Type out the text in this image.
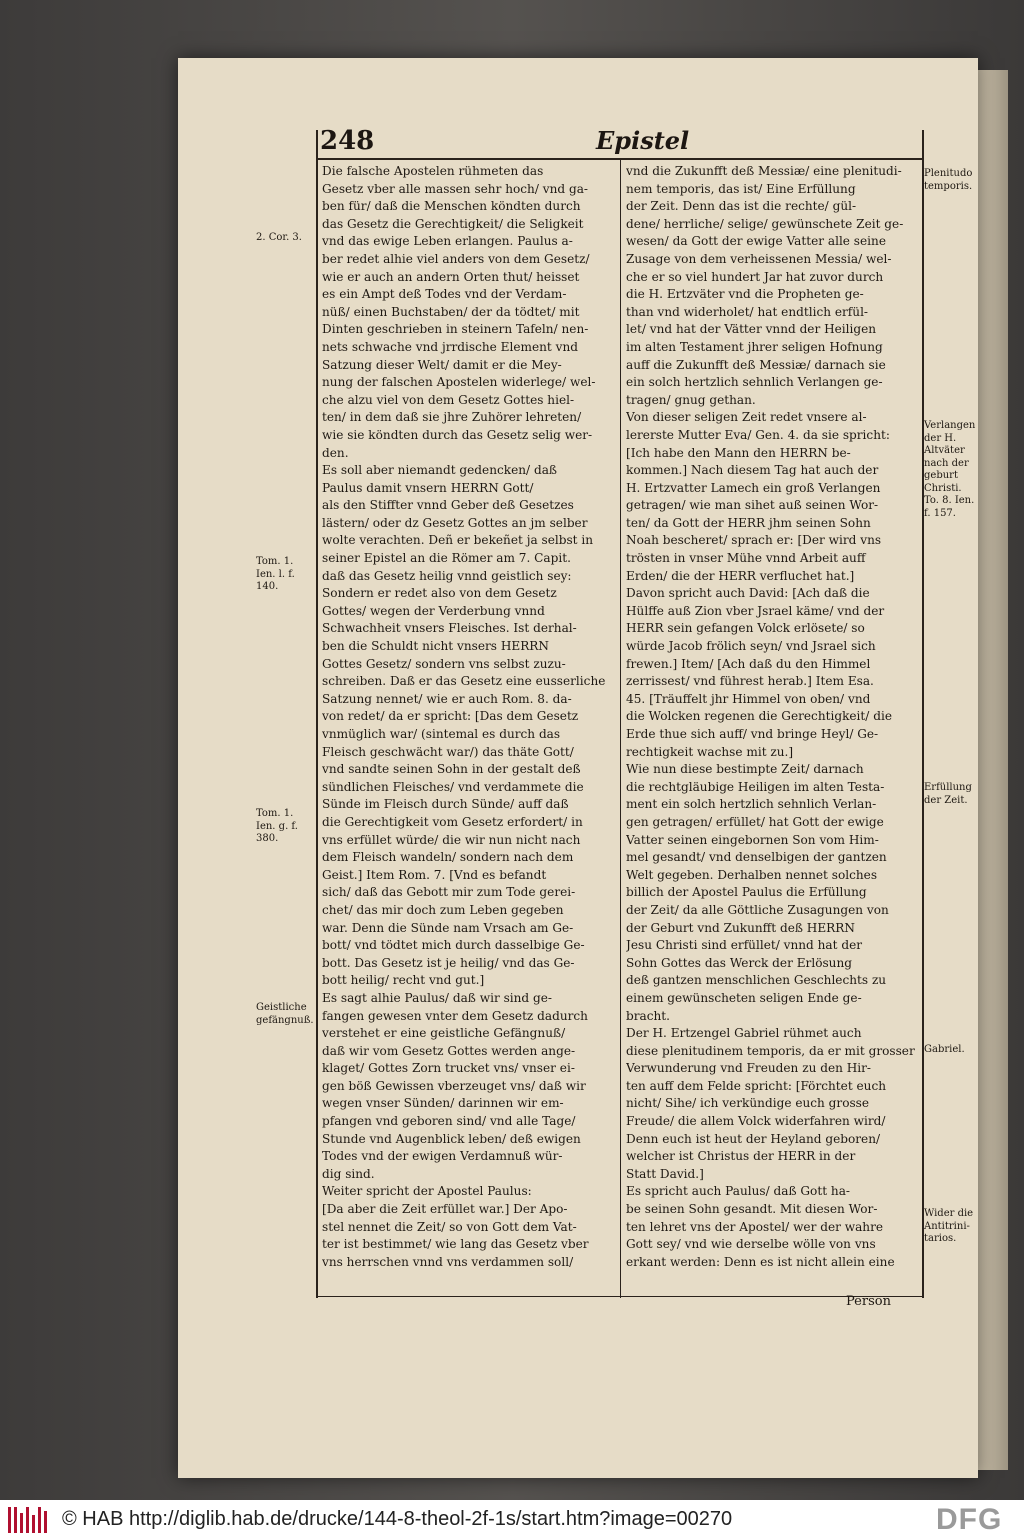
248	Epistel
Die falsche Apostelen rühmeten das
Gesetz vber alle massen sehr hoch/ vnd ga-
ben für/ daß die Menschen köndten durch
das Gesetz die Gerechtigkeit/ die Seligkeit
vnd das ewige Leben erlangen. Paulus a-
ber redet alhie viel anders von dem Gesetz/
wie er auch an andern Orten thut/ heisset
es ein Ampt deß Todes vnd der Verdam-
nüß/ einen Buchstaben/ der da tödtet/ mit
Dinten geschrieben in steinern Tafeln/ nen-
nets schwache vnd jrrdische Element vnd
Satzung dieser Welt/ damit er die Mey-
nung der falschen Apostelen widerlege/ wel-
che alzu viel von dem Gesetz Gottes hiel-
ten/ in dem daß sie jhre Zuhörer lehreten/
wie sie köndten durch das Gesetz selig wer-
den.
Es soll aber niemandt gedencken/ daß
Paulus damit vnsern HERRN Gott/
als den Stiffter vnnd Geber deß Gesetzes
lästern/ oder dz Gesetz Gottes an jm selber
wolte verachten. Deñ er bekeñet ja selbst in
seiner Epistel an die Römer am 7. Capit.
daß das Gesetz heilig vnnd geistlich sey:
Sondern er redet also von dem Gesetz
Gottes/ wegen der Verderbung vnnd
Schwachheit vnsers Fleisches. Ist derhal-
ben die Schuldt nicht vnsers HERRN
Gottes Gesetz/ sondern vns selbst zuzu-
schreiben. Daß er das Gesetz eine eusserliche
Satzung nennet/ wie er auch Rom. 8. da-
von redet/ da er spricht: [Das dem Gesetz
vnmüglich war/ (sintemal es durch das
Fleisch geschwächt war/) das thäte Gott/
vnd sandte seinen Sohn in der gestalt deß
sündlichen Fleisches/ vnd verdammete die
Sünde im Fleisch durch Sünde/ auff daß
die Gerechtigkeit vom Gesetz erfordert/ in
vns erfüllet würde/ die wir nun nicht nach
dem Fleisch wandeln/ sondern nach dem
Geist.] Item Rom. 7. [Vnd es befandt
sich/ daß das Gebott mir zum Tode gerei-
chet/ das mir doch zum Leben gegeben
war. Denn die Sünde nam Vrsach am Ge-
bott/ vnd tödtet mich durch dasselbige Ge-
bott. Das Gesetz ist je heilig/ vnd das Ge-
bott heilig/ recht vnd gut.]
Es sagt alhie Paulus/ daß wir sind ge-
fangen gewesen vnter dem Gesetz dadurch
verstehet er eine geistliche Gefängnuß/
daß wir vom Gesetz Gottes werden ange-
klaget/ Gottes Zorn trucket vns/ vnser ei-
gen böß Gewissen vberzeuget vns/ daß wir
wegen vnser Sünden/ darinnen wir em-
pfangen vnd geboren sind/ vnd alle Tage/
Stunde vnd Augenblick leben/ deß ewigen
Todes vnd der ewigen Verdamnuß wür-
dig sind.
Weiter spricht der Apostel Paulus:
[Da aber die Zeit erfüllet war.] Der Apo-
stel nennet die Zeit/ so von Gott dem Vat-
ter ist bestimmet/ wie lang das Gesetz vber
vns herrschen vnnd vns verdammen soll/
vnd die Zukunfft deß Messiæ/ eine plenitudi-
nem temporis, das ist/ Eine Erfüllung
der Zeit. Denn das ist die rechte/ gül-
dene/ herrliche/ selige/ gewünschete Zeit ge-
wesen/ da Gott der ewige Vatter alle seine
Zusage von dem verheissenen Messia/ wel-
che er so viel hundert Jar hat zuvor durch
die H. Ertzväter vnd die Propheten ge-
than vnd widerholet/ hat endtlich erfül-
let/ vnd hat der Vätter vnnd der Heiligen
im alten Testament jhrer seligen Hofnung
auff die Zukunfft deß Messiæ/ darnach sie
ein solch hertzlich sehnlich Verlangen ge-
tragen/ gnug gethan.
Von dieser seligen Zeit redet vnsere al-
lererste Mutter Eva/ Gen. 4. da sie spricht:
[Ich habe den Mann den HERRN be-
kommen.] Nach diesem Tag hat auch der
H. Ertzvatter Lamech ein groß Verlangen
getragen/ wie man sihet auß seinen Wor-
ten/ da Gott der HERR jhm seinen Sohn
Noah bescheret/ sprach er: [Der wird vns
trösten in vnser Mühe vnnd Arbeit auff
Erden/ die der HERR verfluchet hat.]
Davon spricht auch David: [Ach daß die
Hülffe auß Zion vber Jsrael käme/ vnd der
HERR sein gefangen Volck erlösete/ so
würde Jacob frölich seyn/ vnd Jsrael sich
frewen.] Item/ [Ach daß du den Himmel
zerrissest/ vnd führest herab.] Item Esa.
45. [Träuffelt jhr Himmel von oben/ vnd
die Wolcken regenen die Gerechtigkeit/ die
Erde thue sich auff/ vnd bringe Heyl/ Ge-
rechtigkeit wachse mit zu.]
Wie nun diese bestimpte Zeit/ darnach
die rechtgläubige Heiligen im alten Testa-
ment ein solch hertzlich sehnlich Verlan-
gen getragen/ erfüllet/ hat Gott der ewige
Vatter seinen eingebornen Son vom Him-
mel gesandt/ vnd denselbigen der gantzen
Welt gegeben. Derhalben nennet solches
billich der Apostel Paulus die Erfüllung
der Zeit/ da alle Göttliche Zusagungen von
der Geburt vnd Zukunfft deß HERRN
Jesu Christi sind erfüllet/ vnnd hat der
Sohn Gottes das Werck der Erlösung
deß gantzen menschlichen Geschlechts zu
einem gewünscheten seligen Ende ge-
bracht.
Der H. Ertzengel Gabriel rühmet auch
diese plenitudinem temporis, da er mit grosser
Verwunderung vnd Freuden zu den Hir-
ten auff dem Felde spricht: [Förchtet euch
nicht/ Sihe/ ich verkündige euch grosse
Freude/ die allem Volck widerfahren wird/
Denn euch ist heut der Heyland geboren/
welcher ist Christus der HERR in der
Statt David.]
Es spricht auch Paulus/ daß Gott ha-
be seinen Sohn gesandt. Mit diesen Wor-
ten lehret vns der Apostel/ wer der wahre
Gott sey/ vnd wie derselbe wölle von vns
erkant werden: Denn es ist nicht allein eine
2. Cor. 3.
Tom. 1. Ien. l. f. 140.
Tom. 1. Ien. g. f. 380.
Geistliche gefängnuß.
Plenitudo temporis.
Verlangen der H. Altväter nach der geburt Christi. To. 8. Ien. f. 157.
Erfüllung der Zeit.
Gabriel.
Wider die Antitrini- tarios.
Person
© HAB http://diglib.hab.de/drucke/144-8-theol-2f-1s/start.htm?image=00270	DFG
